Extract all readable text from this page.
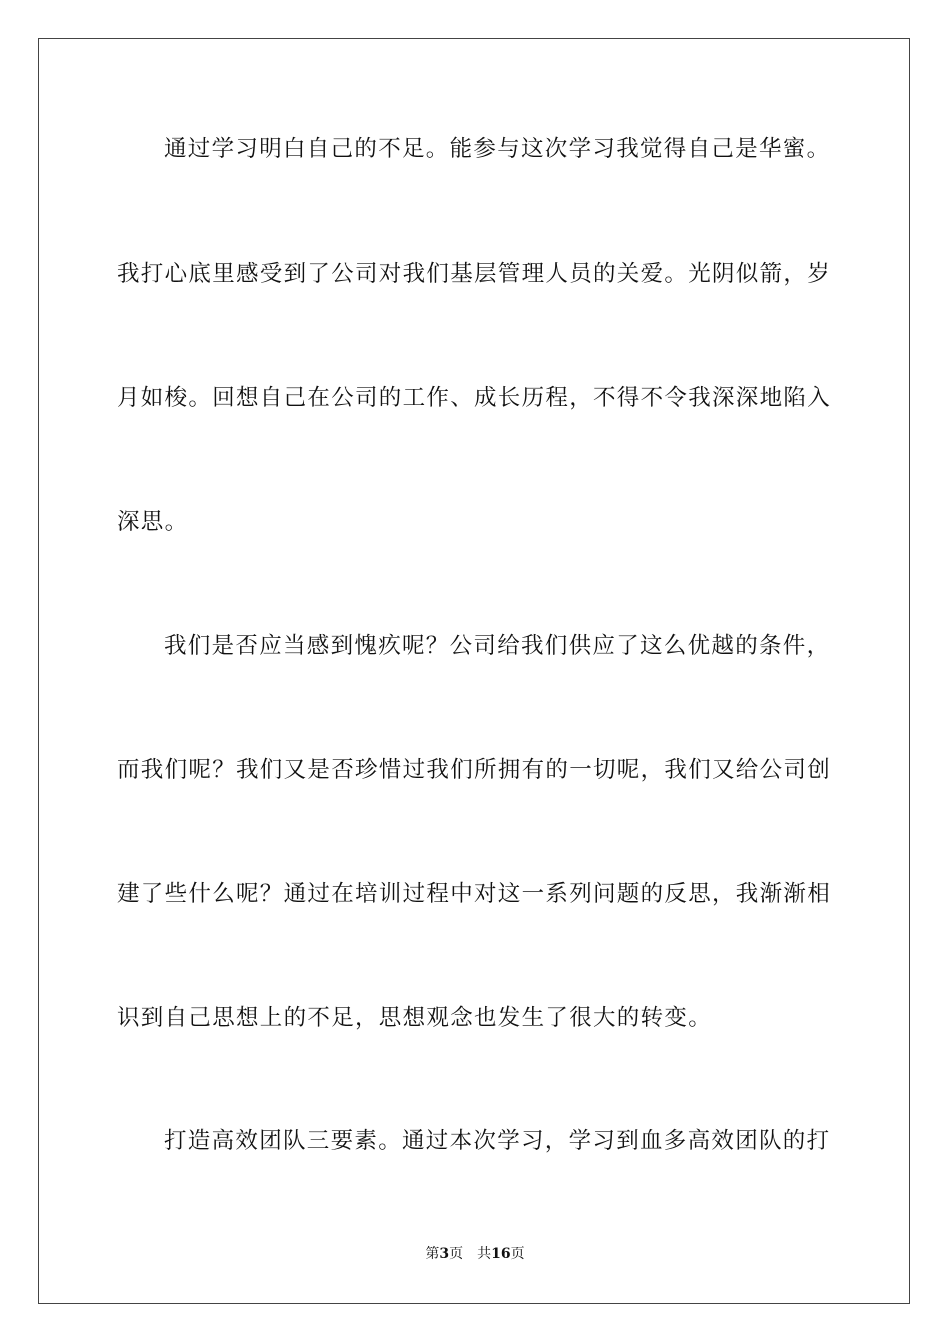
通过学习明白自己的不足。能参与这次学习我觉得自己是华蜜。
我打心底里感受到了公司对我们基层管理人员的关爱。光阴似箭，岁
月如梭。回想自己在公司的工作、成长历程，不得不令我深深地陷入
深思。
我们是否应当感到愧疚呢？公司给我们供应了这么优越的条件，
而我们呢？我们又是否珍惜过我们所拥有的一切呢，我们又给公司创
建了些什么呢？通过在培训过程中对这一系列问题的反思，我渐渐相
识到自己思想上的不足，思想观念也发生了很大的转变。
打造高效团队三要素。通过本次学习，学习到血多高效团队的打
第3页 共16页
